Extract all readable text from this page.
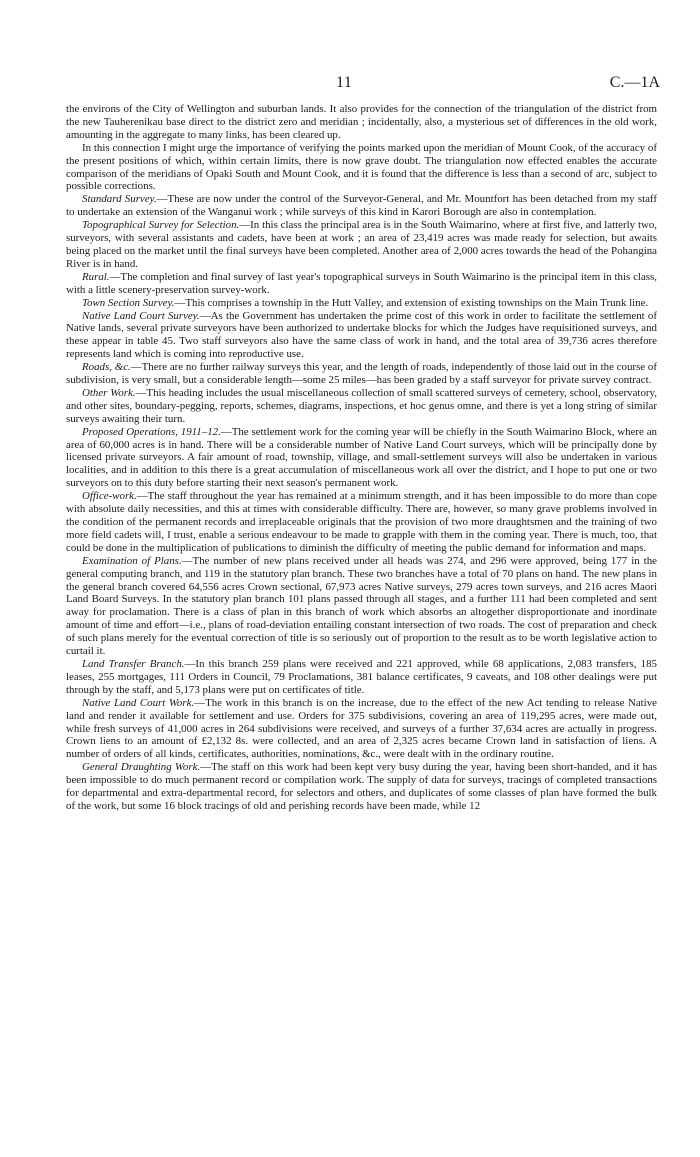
11	C.—1A

the environs of the City of Wellington and suburban lands. It also provides for the connection of the triangulation of the district from the new Tauherenikau base direct to the district zero and meridian ; incidentally, also, a mysterious set of differences in the old work, amounting in the aggregate to many links, has been cleared up.

In this connection I might urge the importance of verifying the points marked upon the meridian of Mount Cook, of the accuracy of the present positions of which, within certain limits, there is now grave doubt. The triangulation now effected enables the accurate comparison of the meridians of Opaki South and Mount Cook, and it is found that the difference is less than a second of arc, subject to possible corrections.

Standard Survey.—These are now under the control of the Surveyor-General, and Mr. Mountfort has been detached from my staff to undertake an extension of the Wanganui work ; while surveys of this kind in Karori Borough are also in contemplation.

Topographical Survey for Selection.—In this class the principal area is in the South Waimarino, where at first five, and latterly two, surveyors, with several assistants and cadets, have been at work ; an area of 23,419 acres was made ready for selection, but awaits being placed on the market until the final surveys have been completed. Another area of 2,000 acres towards the head of the Pohangina River is in hand.

Rural.—The completion and final survey of last year's topographical surveys in South Waimarino is the principal item in this class, with a little scenery-preservation survey-work.

Town Section Survey.—This comprises a township in the Hutt Valley, and extension of existing townships on the Main Trunk line.

Native Land Court Survey.—As the Government has undertaken the prime cost of this work in order to facilitate the settlement of Native lands, several private surveyors have been authorized to undertake blocks for which the Judges have requisitioned surveys, and these appear in table 45. Two staff surveyors also have the same class of work in hand, and the total area of 39,736 acres therefore represents land which is coming into reproductive use.

Roads, &c.—There are no further railway surveys this year, and the length of roads, independently of those laid out in the course of subdivision, is very small, but a considerable length—some 25 miles—has been graded by a staff surveyor for private survey contract.

Other Work.—This heading includes the usual miscellaneous collection of small scattered surveys of cemetery, school, observatory, and other sites, boundary-pegging, reports, schemes, diagrams, inspections, et hoc genus omne, and there is yet a long string of similar surveys awaiting their turn.

Proposed Operations, 1911–12.—The settlement work for the coming year will be chiefly in the South Waimarino Block, where an area of 60,000 acres is in hand. There will be a considerable number of Native Land Court surveys, which will be principally done by licensed private surveyors. A fair amount of road, township, village, and small-settlement surveys will also be undertaken in various localities, and in addition to this there is a great accumulation of miscellaneous work all over the district, and I hope to put one or two surveyors on to this duty before starting their next season's permanent work.

Office-work.—The staff throughout the year has remained at a minimum strength, and it has been impossible to do more than cope with absolute daily necessities, and this at times with considerable difficulty. There are, however, so many grave problems involved in the condition of the permanent records and irreplaceable originals that the provision of two more draughtsmen and the training of two more field cadets will, I trust, enable a serious endeavour to be made to grapple with them in the coming year. There is much, too, that could be done in the multiplication of publications to diminish the difficulty of meeting the public demand for information and maps.

Examination of Plans.—The number of new plans received under all heads was 274, and 296 were approved, being 177 in the general computing branch, and 119 in the statutory plan branch. These two branches have a total of 70 plans on hand. The new plans in the general branch covered 64,556 acres Crown sectional, 67,973 acres Native surveys, 279 acres town surveys, and 216 acres Maori Land Board Surveys. In the statutory plan branch 101 plans passed through all stages, and a further 111 had been completed and sent away for proclamation. There is a class of plan in this branch of work which absorbs an altogether disproportionate and inordinate amount of time and effort—i.e., plans of road-deviation entailing constant intersection of two roads. The cost of preparation and check of such plans merely for the eventual correction of title is so seriously out of proportion to the result as to be worth legislative action to curtail it.

Land Transfer Branch.—In this branch 259 plans were received and 221 approved, while 68 applications, 2,083 transfers, 185 leases, 255 mortgages, 111 Orders in Council, 79 Proclamations, 381 balance certificates, 9 caveats, and 108 other dealings were put through by the staff, and 5,173 plans were put on certificates of title.

Native Land Court Work.—The work in this branch is on the increase, due to the effect of the new Act tending to release Native land and render it available for settlement and use. Orders for 375 subdivisions, covering an area of 119,295 acres, were made out, while fresh surveys of 41,000 acres in 264 subdivisions were received, and surveys of a further 37,634 acres are actually in progress. Crown liens to an amount of £2,132 8s. were collected, and an area of 2,325 acres became Crown land in satisfaction of liens. A number of orders of all kinds, certificates, authorities, nominations, &c., were dealt with in the ordinary routine.

General Draughting Work.—The staff on this work had been kept very busy during the year, having been short-handed, and it has been impossible to do much permanent record or compilation work. The supply of data for surveys, tracings of completed transactions for departmental and extra-departmental record, for selectors and others, and duplicates of some classes of plan have formed the bulk of the work, but some 16 block tracings of old and perishing records have been made, while 12
